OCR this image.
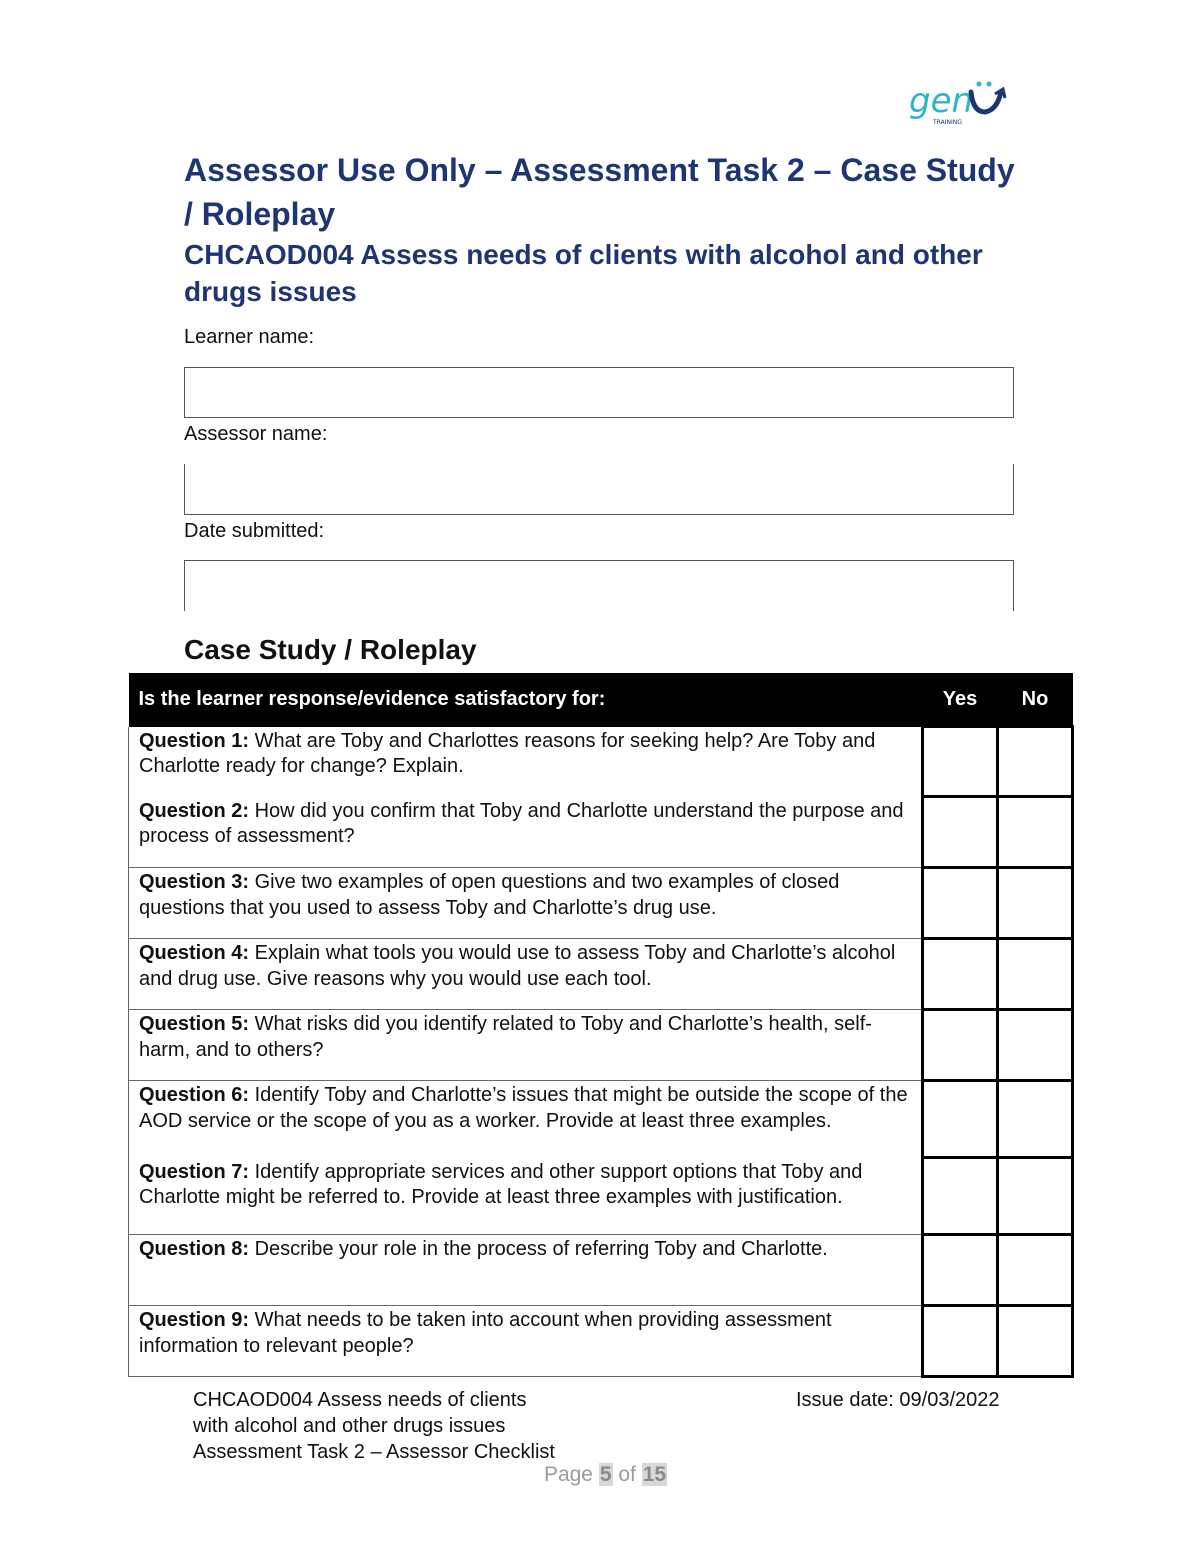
gen
TRAINING
Assessor Use Only – Assessment Task 2 – Case Study / Roleplay
CHCAOD004 Assess needs of clients with alcohol and other drugs issues
Learner name:
Assessor name:
Date submitted:
Case Study / Roleplay
Is the learner response/evidence satisfactory for:	Yes	No
Question 1: What are Toby and Charlottes reasons for seeking help? Are Toby and Charlotte ready for change? Explain.		
Question 2: How did you confirm that Toby and Charlotte understand the purpose and process of assessment?		
Question 3: Give two examples of open questions and two examples of closed questions that you used to assess Toby and Charlotte’s drug use.		
Question 4: Explain what tools you would use to assess Toby and Charlotte’s alcohol and drug use. Give reasons why you would use each tool.		
Question 5: What risks did you identify related to Toby and Charlotte’s health, self-harm, and to others?		
Question 6: Identify Toby and Charlotte’s issues that might be outside the scope of the AOD service or the scope of you as a worker. Provide at least three examples.		
Question 7: Identify appropriate services and other support options that Toby and Charlotte might be referred to. Provide at least three examples with justification.		
Question 8: Describe your role in the process of referring Toby and Charlotte.		
Question 9: What needs to be taken into account when providing assessment information to relevant people?		
CHCAOD004 Assess needs of clients
with alcohol and other drugs issues
Assessment Task 2 – Assessor Checklist
Issue date: 09/03/2022
Page 5 of 15
